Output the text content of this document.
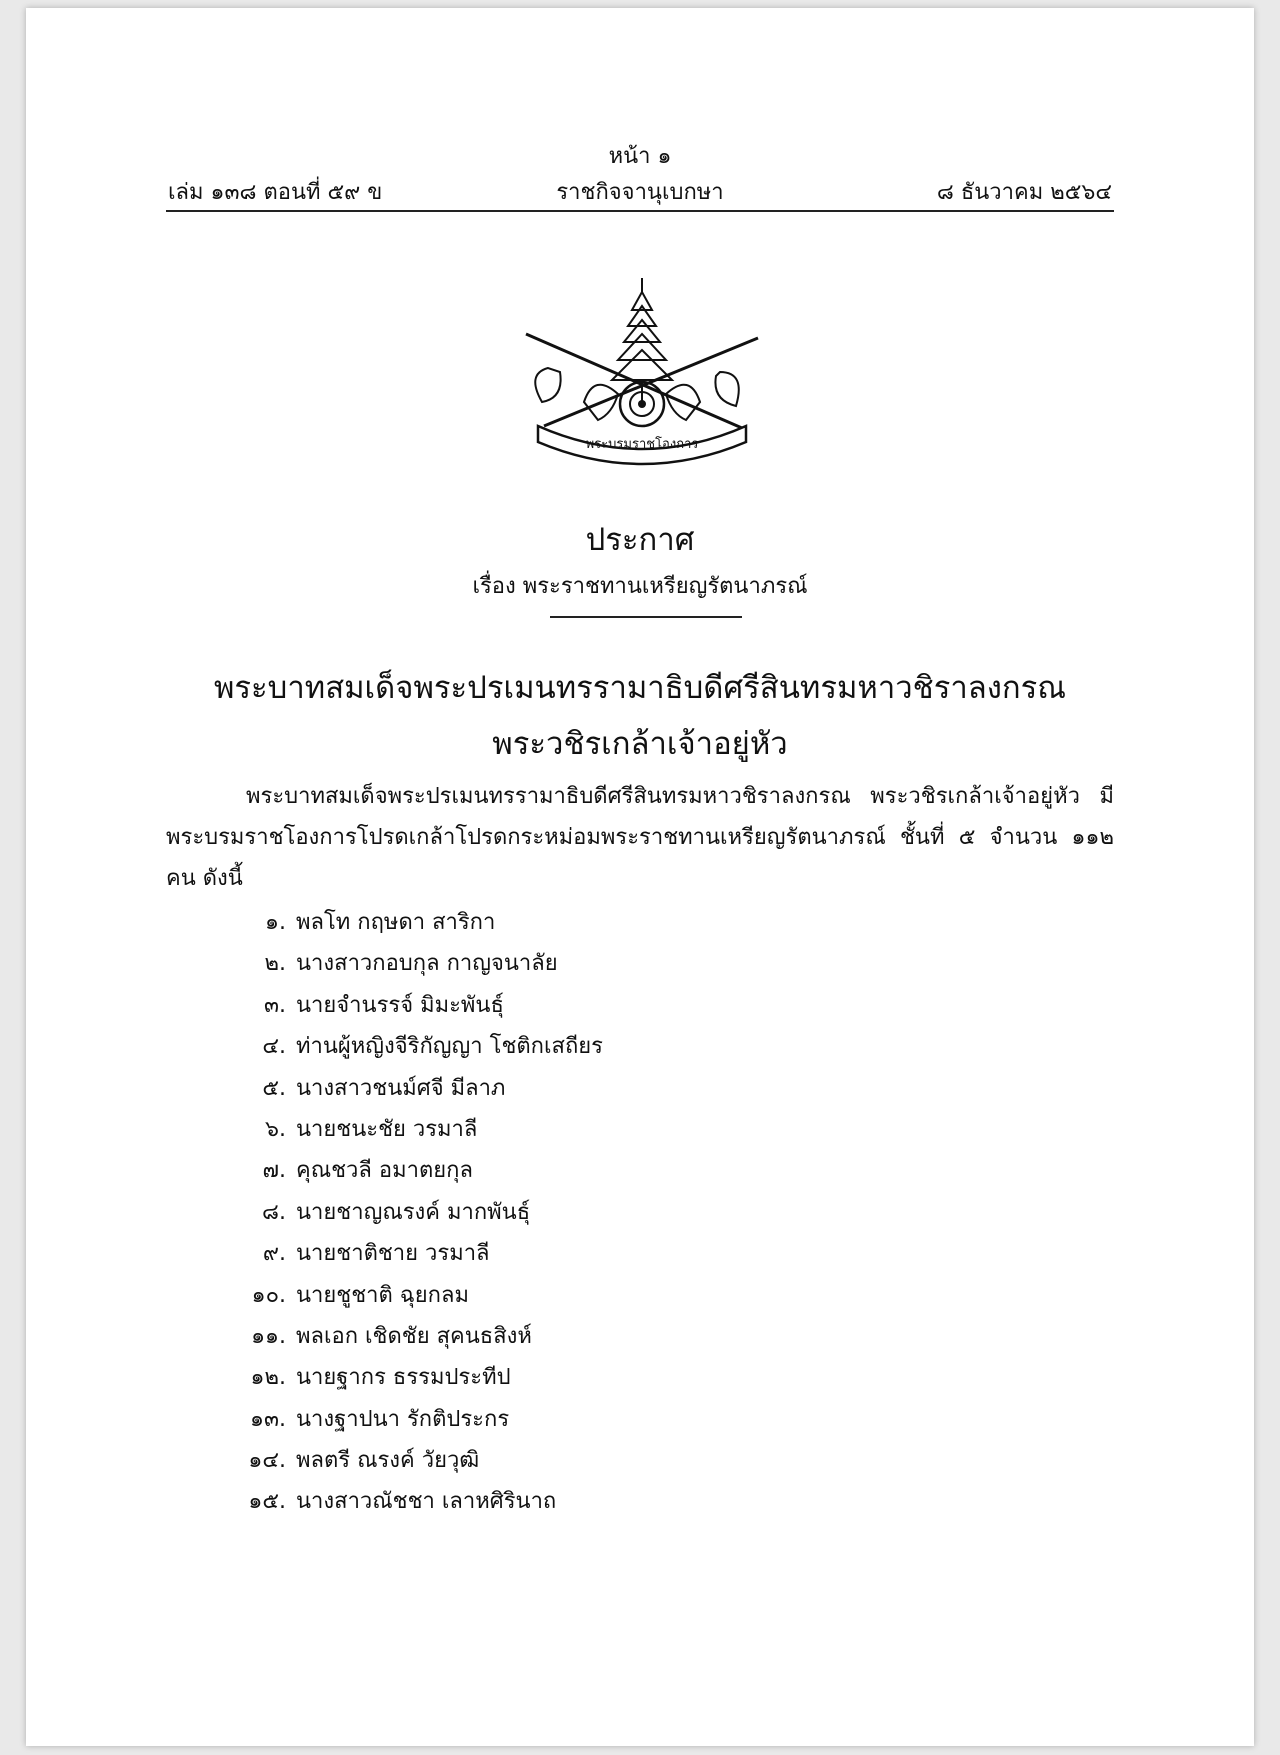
หน้า ๑
เล่ม ๑๓๘ ตอนที่ ๕๙ ข	ราชกิจจานุเบกษา	๘ ธันวาคม ๒๕๖๔
พระบรมราชโองการ
ประกาศ
เรื่อง พระราชทานเหรียญรัตนาภรณ์
พระบาทสมเด็จพระปรเมนทรรามาธิบดีศรีสินทรมหาวชิราลงกรณ
พระวชิรเกล้าเจ้าอยู่หัว
พระบาทสมเด็จพระปรเมนทรรามาธิบดีศรีสินทรมหาวชิราลงกรณ พระวชิรเกล้าเจ้าอยู่หัว มีพระบรมราชโองการโปรดเกล้าโปรดกระหม่อมพระราชทานเหรียญรัตนาภรณ์ ชั้นที่ ๕ จำนวน ๑๑๒ คน ดังนี้
๑. พลโท กฤษดา สาริกา
๒. นางสาวกอบกุล กาญจนาลัย
๓. นายจำนรรจ์ มิมะพันธุ์
๔. ท่านผู้หญิงจีริกัญญา โชติกเสถียร
๕. นางสาวชนม์ศจี มีลาภ
๖. นายชนะชัย วรมาลี
๗. คุณชวลี อมาตยกุล
๘. นายชาญณรงค์ มากพันธุ์
๙. นายชาติชาย วรมาลี
๑๐. นายชูชาติ ฉุยกลม
๑๑. พลเอก เชิดชัย สุคนธสิงห์
๑๒. นายฐากร ธรรมประทีป
๑๓. นางฐาปนา รักติประกร
๑๔. พลตรี ณรงค์ วัยวุฒิ
๑๕. นางสาวณัชชา เลาหศิรินาถ
